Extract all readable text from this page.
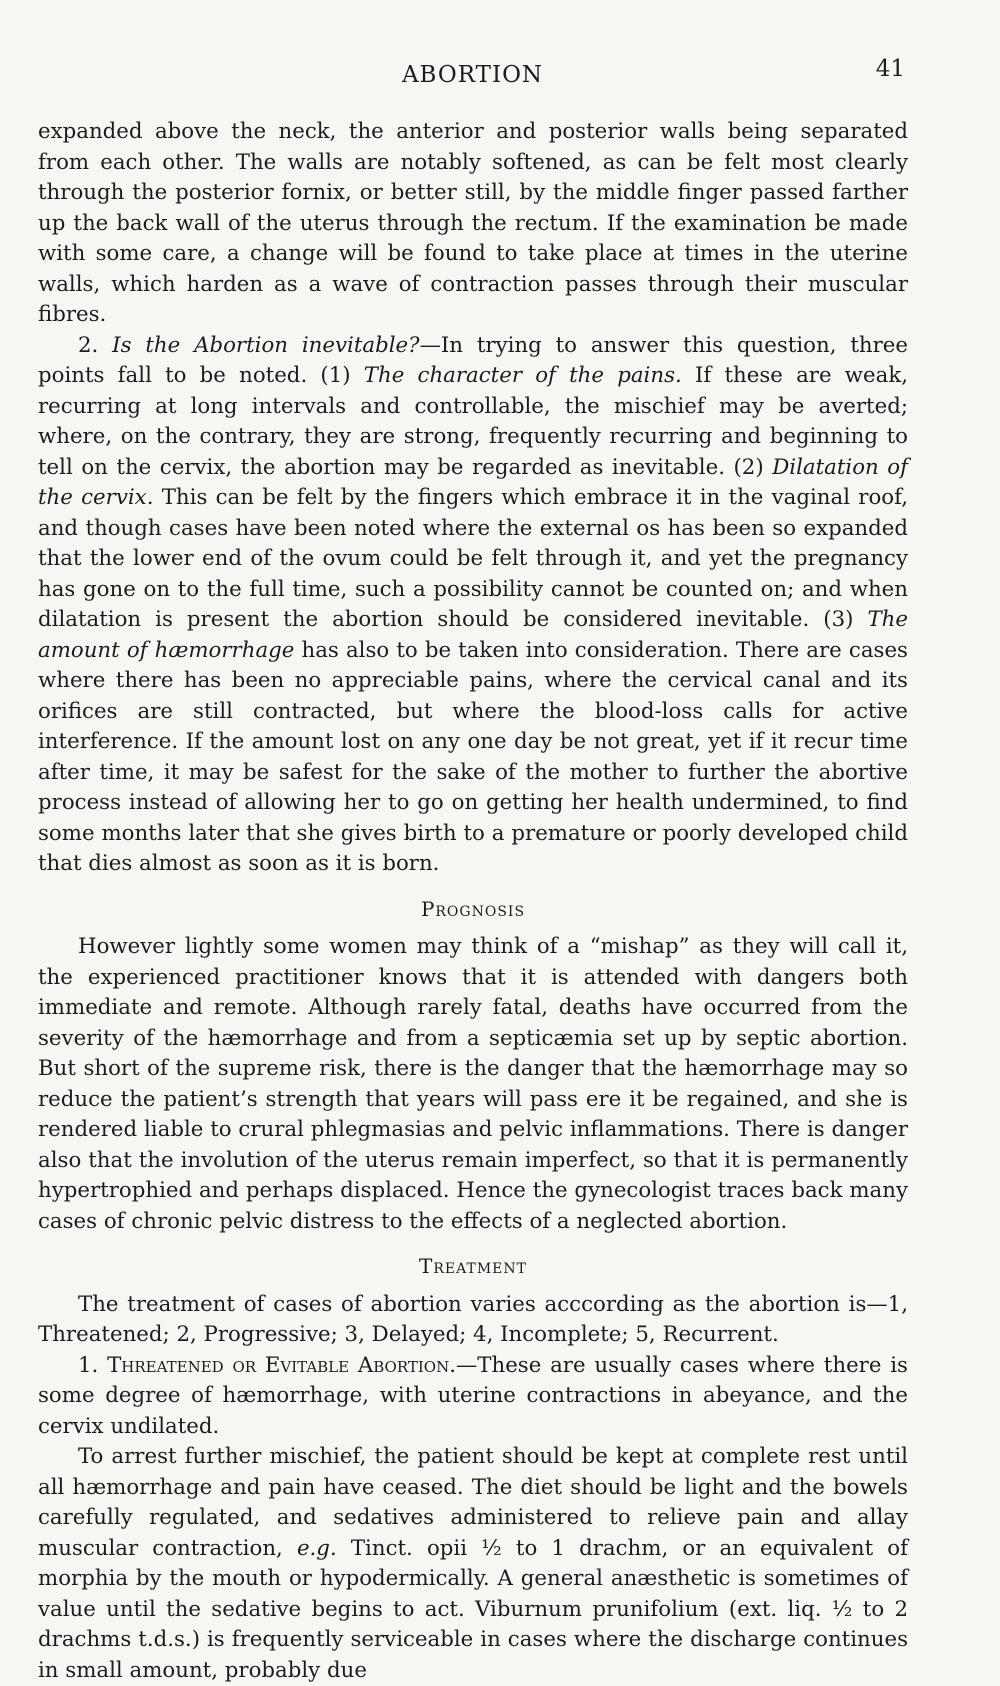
ABORTION	41

expanded above the neck, the anterior and posterior walls being separated from each other. The walls are notably softened, as can be felt most clearly through the posterior fornix, or better still, by the middle finger passed farther up the back wall of the uterus through the rectum. If the examination be made with some care, a change will be found to take place at times in the uterine walls, which harden as a wave of contraction passes through their muscular fibres.

2. Is the Abortion inevitable?—In trying to answer this question, three points fall to be noted. (1) The character of the pains. If these are weak, recurring at long intervals and controllable, the mischief may be averted; where, on the contrary, they are strong, frequently recurring and beginning to tell on the cervix, the abortion may be regarded as inevitable. (2) Dilatation of the cervix. This can be felt by the fingers which embrace it in the vaginal roof, and though cases have been noted where the external os has been so expanded that the lower end of the ovum could be felt through it, and yet the pregnancy has gone on to the full time, such a possibility cannot be counted on; and when dilatation is present the abortion should be considered inevitable. (3) The amount of hæmorrhage has also to be taken into consideration. There are cases where there has been no appreciable pains, where the cervical canal and its orifices are still contracted, but where the blood-loss calls for active interference. If the amount lost on any one day be not great, yet if it recur time after time, it may be safest for the sake of the mother to further the abortive process instead of allowing her to go on getting her health undermined, to find some months later that she gives birth to a premature or poorly developed child that dies almost as soon as it is born.

Prognosis

However lightly some women may think of a “mishap” as they will call it, the experienced practitioner knows that it is attended with dangers both immediate and remote. Although rarely fatal, deaths have occurred from the severity of the hæmorrhage and from a septicæmia set up by septic abortion. But short of the supreme risk, there is the danger that the hæmorrhage may so reduce the patient’s strength that years will pass ere it be regained, and she is rendered liable to crural phlegmasias and pelvic inflammations. There is danger also that the involution of the uterus remain imperfect, so that it is permanently hypertrophied and perhaps displaced. Hence the gynecologist traces back many cases of chronic pelvic distress to the effects of a neglected abortion.

Treatment

The treatment of cases of abortion varies acccording as the abortion is—1, Threatened; 2, Progressive; 3, Delayed; 4, Incomplete; 5, Recurrent.

1. Threatened or Evitable Abortion.—These are usually cases where there is some degree of hæmorrhage, with uterine contractions in abeyance, and the cervix undilated.

To arrest further mischief, the patient should be kept at complete rest until all hæmorrhage and pain have ceased. The diet should be light and the bowels carefully regulated, and sedatives administered to relieve pain and allay muscular contraction, e.g. Tinct. opii ½ to 1 drachm, or an equivalent of morphia by the mouth or hypodermically. A general anæsthetic is sometimes of value until the sedative begins to act. Viburnum prunifolium (ext. liq. ½ to 2 drachms t.d.s.) is frequently serviceable in cases where the discharge continues in small amount, probably due
